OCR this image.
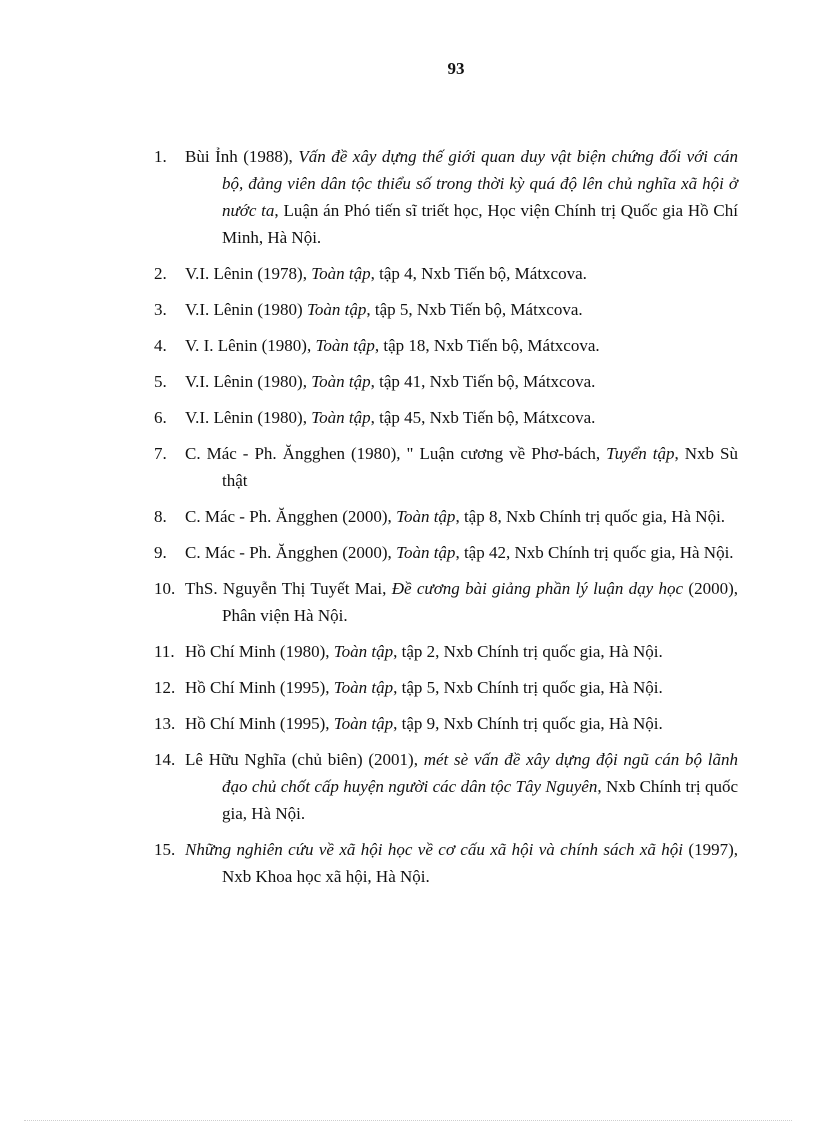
93
1.	Bùi Ỉnh (1988), Vấn đề xây dựng thế giới quan duy vật biện chứng đối với cán bộ, đảng viên dân tộc thiểu số trong thời kỳ quá độ lên chủ nghĩa xã hội ở nước ta, Luận án Phó tiến sĩ triết học, Học viện Chính trị Quốc gia Hồ Chí Minh, Hà Nội.
2.	V.I. Lênin (1978), Toàn tập, tập 4, Nxb Tiến bộ, Mátxcova.
3.	V.I. Lênin (1980) Toàn tập, tập 5, Nxb Tiến bộ, Mátxcova.
4.	V. I. Lênin (1980), Toàn tập, tập 18, Nxb Tiến bộ, Mátxcova.
5.	V.I. Lênin (1980), Toàn tập, tập 41, Nxb Tiến bộ, Mátxcova.
6.	V.I. Lênin (1980), Toàn tập, tập 45, Nxb Tiến bộ, Mátxcova.
7.	C. Mác - Ph. Ăngghen (1980), " Luận cương về Phơ-bách, Tuyển tập, Nxb Sù thật
8.	C. Mác - Ph. Ăngghen (2000), Toàn tập, tập 8, Nxb Chính trị quốc gia, Hà Nội.
9.	C. Mác - Ph. Ăngghen (2000), Toàn tập, tập 42, Nxb Chính trị quốc gia, Hà Nội.
10. ThS. Nguyễn Thị Tuyết Mai, Đề cương bài giảng phần lý luận dạy học (2000), Phân viện Hà Nội.
11. Hồ Chí Minh (1980), Toàn tập, tập 2, Nxb Chính trị quốc gia, Hà Nội.
12. Hồ Chí Minh (1995), Toàn tập, tập 5, Nxb Chính trị quốc gia, Hà Nội.
13. Hồ Chí Minh (1995), Toàn tập, tập 9, Nxb Chính trị quốc gia, Hà Nội.
14. Lê Hữu Nghĩa (chủ biên) (2001), mét sè vấn đề xây dựng đội ngũ cán bộ lãnh đạo chủ chốt cấp huyện người các dân tộc Tây Nguyên, Nxb Chính trị quốc gia, Hà Nội.
15. Những nghiên cứu về xã hội học về cơ cấu xã hội và chính sách xã hội (1997), Nxb Khoa học xã hội, Hà Nội.
